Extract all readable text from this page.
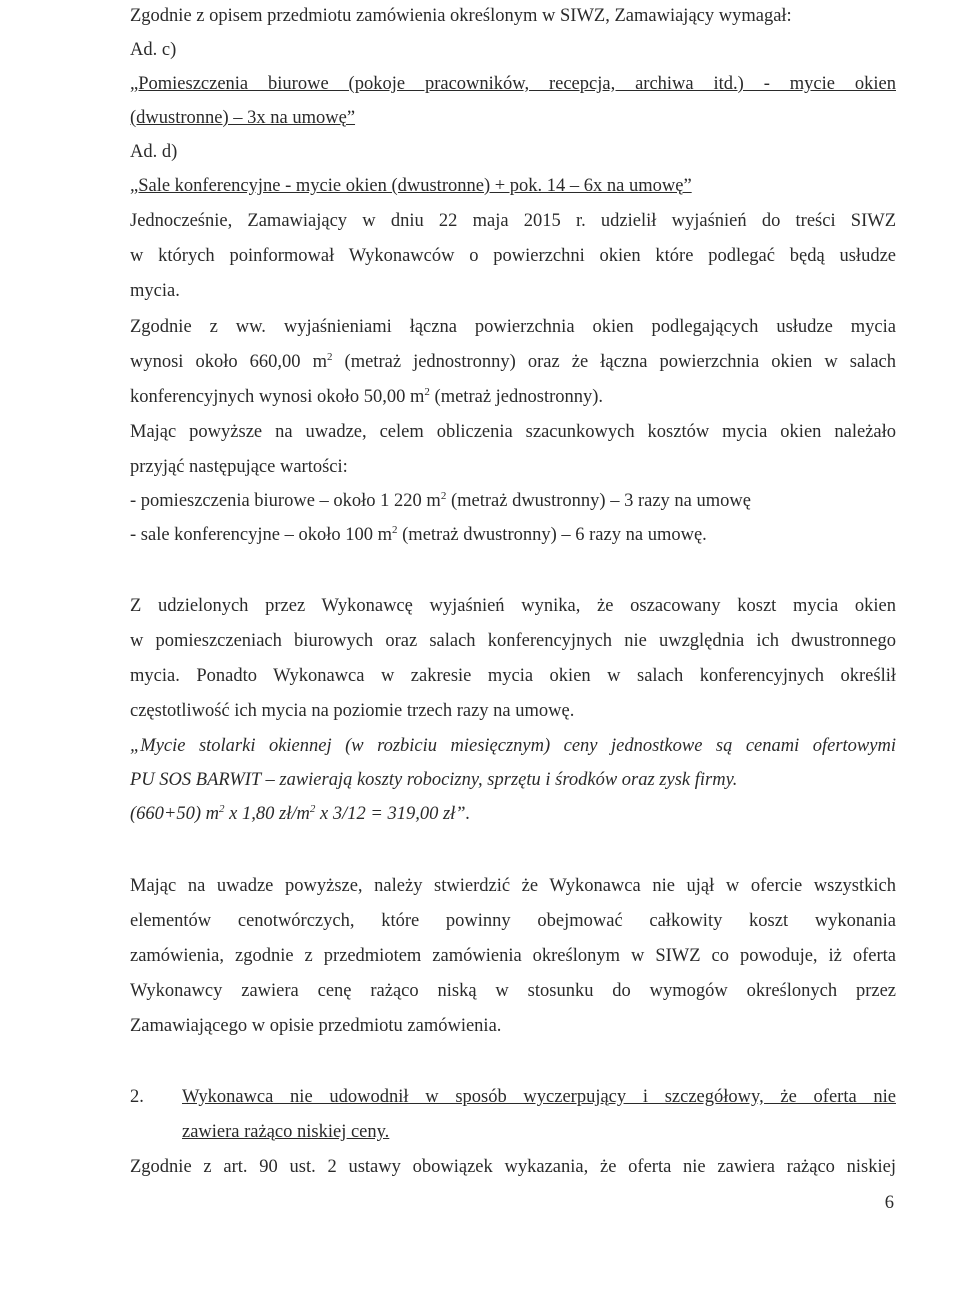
Zgodnie z opisem przedmiotu zamówienia określonym w SIWZ, Zamawiający wymagał:
Ad. c)
„Pomieszczenia biurowe (pokoje pracowników, recepcja, archiwa itd.) - mycie okien
(dwustronne) – 3x na umowę”
Ad. d)
„Sale konferencyjne - mycie okien (dwustronne) + pok. 14 – 6x na umowę”
Jednocześnie, Zamawiający w dniu 22 maja 2015 r. udzielił wyjaśnień do treści SIWZ
w których poinformował Wykonawców o powierzchni okien które podlegać będą usłudze
mycia.
Zgodnie z ww. wyjaśnieniami łączna powierzchnia okien podlegających usłudze mycia
wynosi około 660,00 $m^2$ (metraż jednostronny) oraz że łączna powierzchnia okien w salach
konferencyjnych wynosi około 50,00 $m^2$ (metraż jednostronny).
Mając powyższe na uwadze, celem obliczenia szacunkowych kosztów mycia okien należało
przyjąć następujące wartości:
- pomieszczenia biurowe – około 1 220 $m^2$ (metraż dwustronny) – 3 razy na umowę
- sale konferencyjne – około 100 $m^2$ (metraż dwustronny) – 6 razy na umowę.
Z udzielonych przez Wykonawcę wyjaśnień wynika, że oszacowany koszt mycia okien
w pomieszczeniach biurowych oraz salach konferencyjnych nie uwzględnia ich dwustronnego
mycia. Ponadto Wykonawca w zakresie mycia okien w salach konferencyjnych określił
częstotliwość ich mycia na poziomie trzech razy na umowę.
„Mycie stolarki okiennej (w rozbiciu miesięcznym) ceny jednostkowe są cenami ofertowymi
PU SOS BARWIT – zawierają koszty robocizny, sprzętu i środków oraz zysk firmy.
(660+50) $m^2$ x 1,80 $zł/m^2$ x 3/12 = 319,00 zł”.
Mając na uwadze powyższe, należy stwierdzić że Wykonawca nie ujął w ofercie wszystkich
elementów cenotwórczych, które powinny obejmować całkowity koszt wykonania
zamówienia, zgodnie z przedmiotem zamówienia określonym w SIWZ co powoduje, iż oferta
Wykonawcy zawiera cenę rażąco niską w stosunku do wymogów określonych przez
Zamawiającego w opisie przedmiotu zamówienia.
2. Wykonawca nie udowodnił w sposób wyczerpujący i szczegółowy, że oferta nie
zawiera rażąco niskiej ceny.
Zgodnie z art. 90 ust. 2 ustawy obowiązek wykazania, że oferta nie zawiera rażąco niskiej
6
